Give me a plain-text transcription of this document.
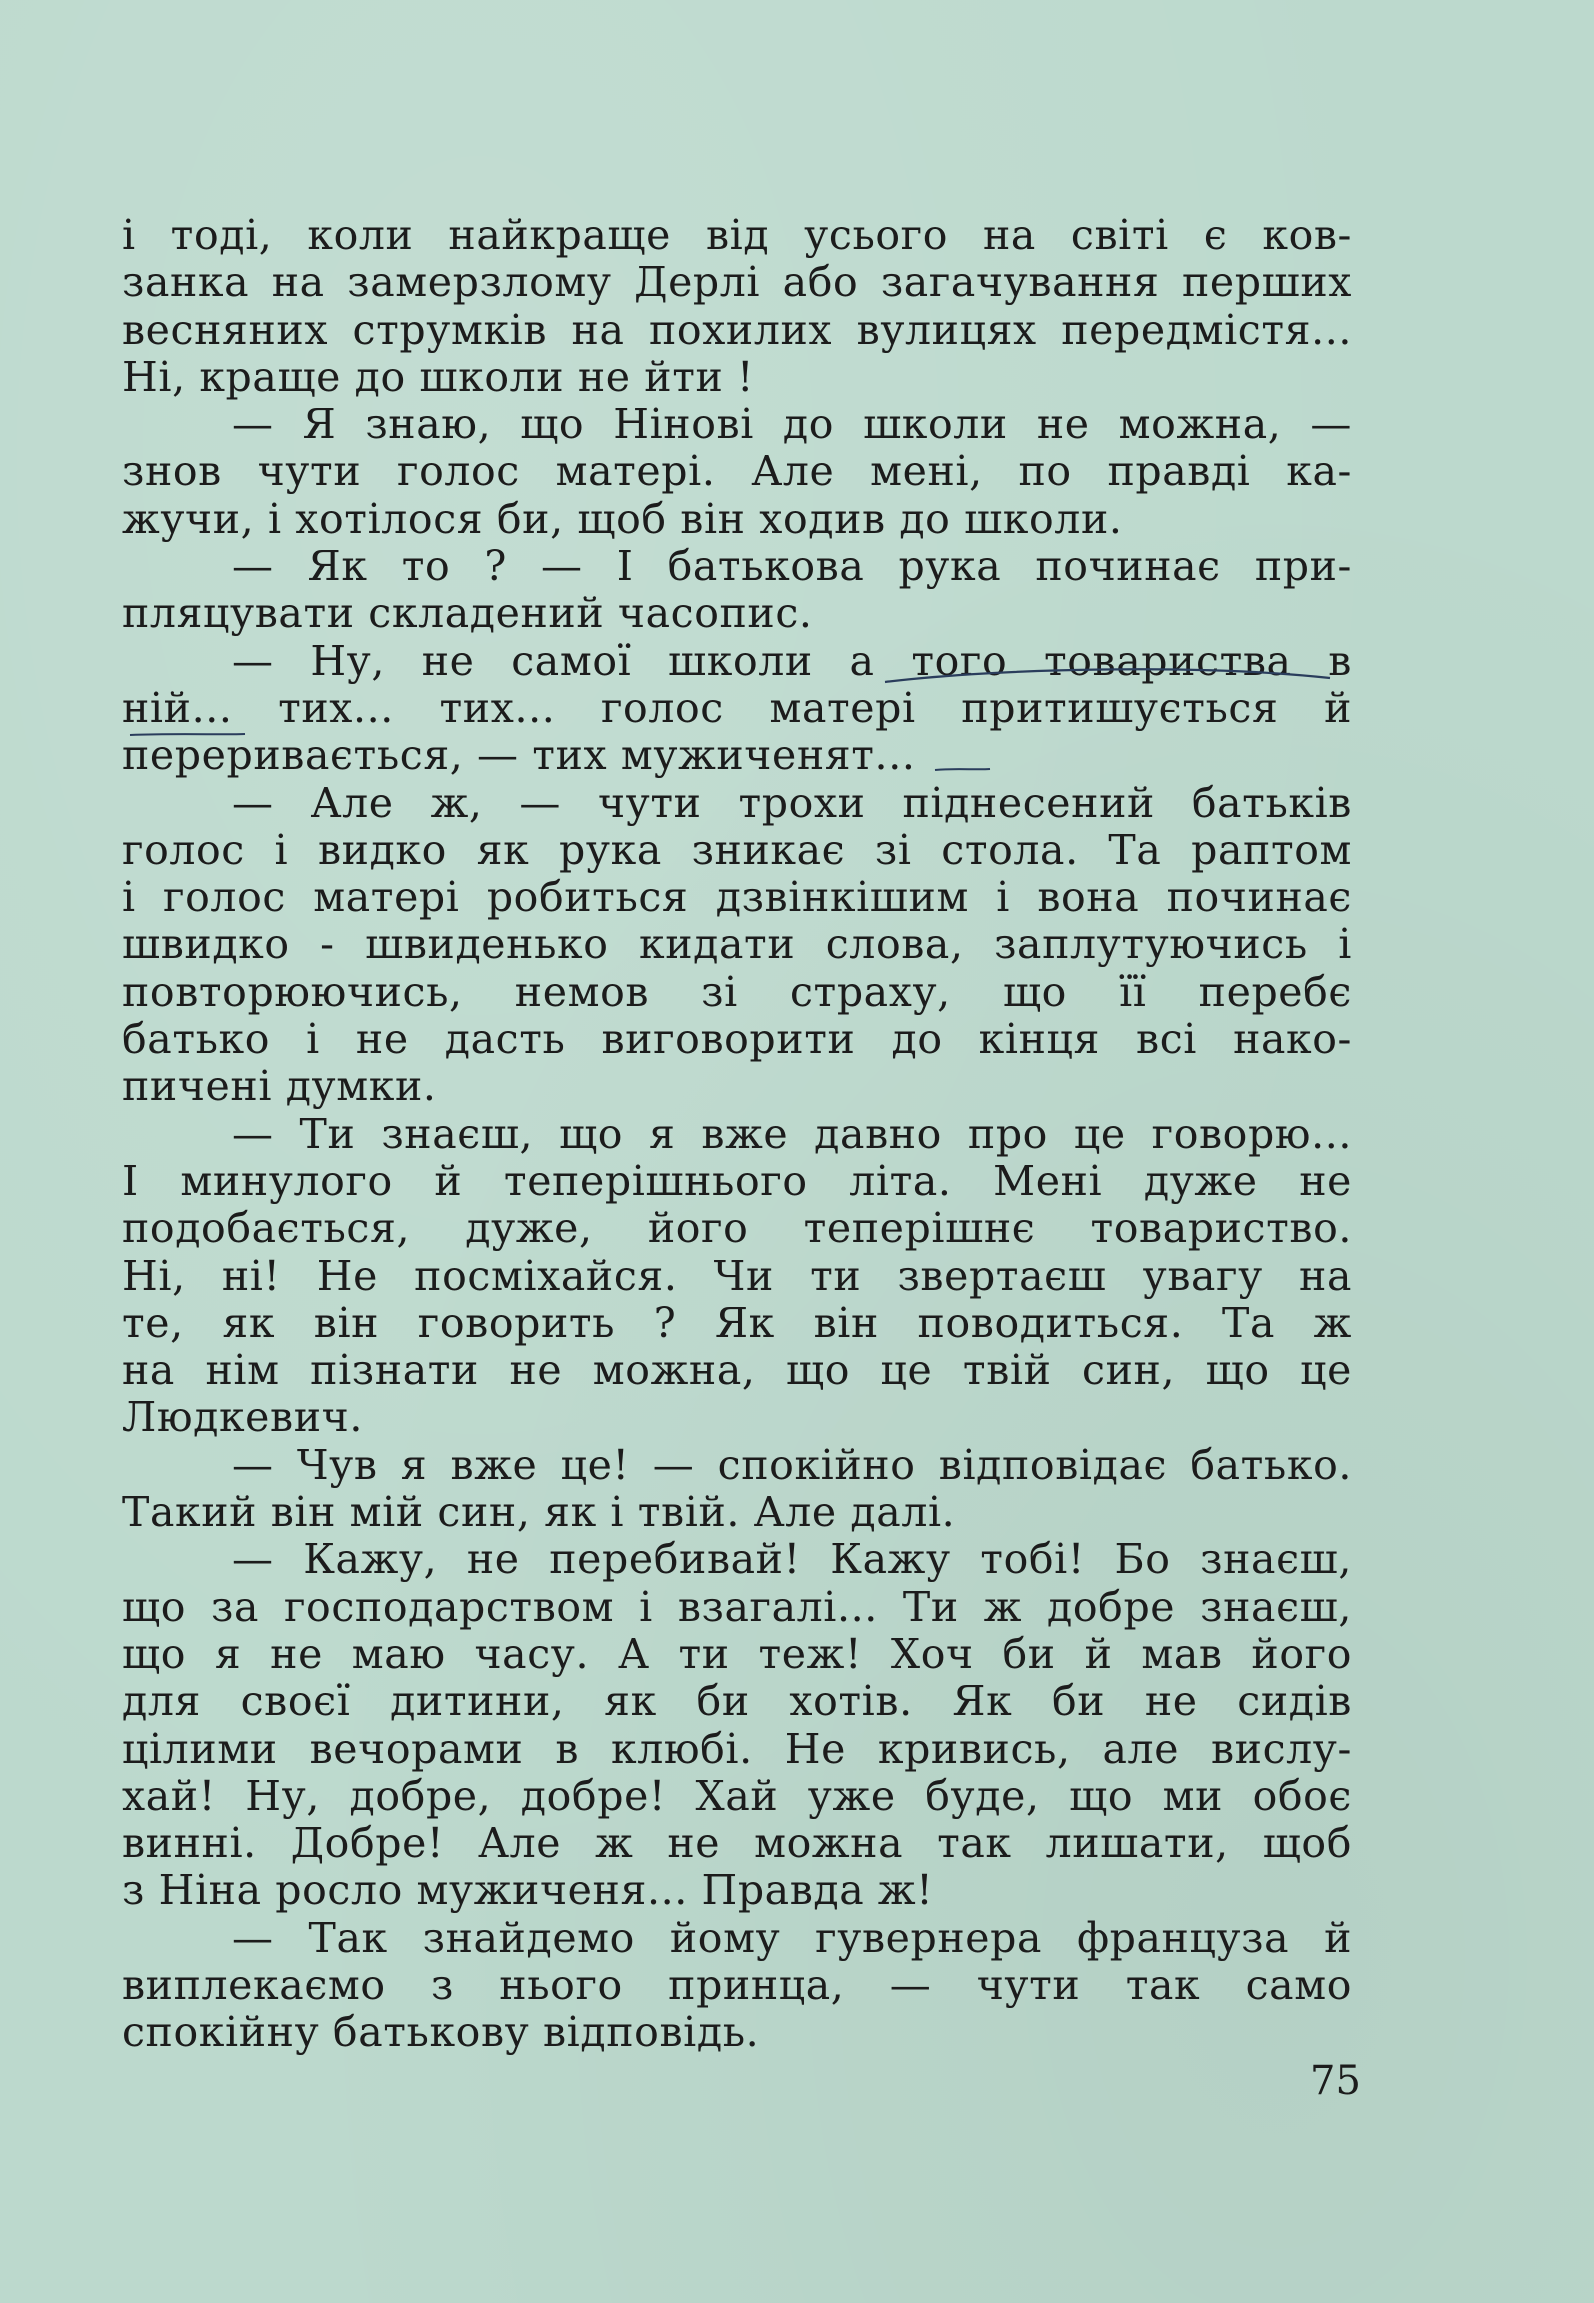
і тоді, коли найкраще від усього на світі є ков-
занка на замерзлому Дерлі або загачування перших
весняних струмків на похилих вулицях передмістя...
Ні, краще до школи не йти !
— Я знаю, що Нінові до школи не можна, —
знов чути голос матері. Але мені, по правді ка-
жучи, і хотілося би, щоб він ходив до школи.
— Як то ? — І батькова рука починає при-
пляцувати складений часопис.
— Ну, не самої школи а того товариства в
ній... тих... тих... голос матері притишується й
переривається, — тих мужиченят...
— Але ж, — чути трохи піднесений батьків
голос і видко як рука зникає зі стола. Та раптом
і голос матері робиться дзвінкішим і вона починає
швидко - швиденько кидати слова, заплутуючись і
повторюючись, немов зі страху, що її перебє
батько і не дасть виговорити до кінця всі нако-
пичені думки.
— Ти знаєш, що я вже давно про це говорю...
І минулого й теперішнього літа. Мені дуже не
подобається, дуже, його теперішнє товариство.
Ні, ні! Не посміхайся. Чи ти звертаєш увагу на
те, як він говорить ? Як він поводиться. Та ж
на нім пізнати не можна, що це твій син, що це
Людкевич.
— Чув я вже це! — спокійно відповідає батько.
Такий він мій син, як і твій. Але далі.
— Кажу, не перебивай! Кажу тобі! Бо знаєш,
що за господарством і взагалі... Ти ж добре знаєш,
що я не маю часу. А ти теж! Хоч би й мав його
для своєї дитини, як би хотів. Як би не сидів
цілими вечорами в клюбі. Не кривись, але вислу-
хай! Ну, добре, добре! Хай уже буде, що ми обоє
винні. Добре! Але ж не можна так лишати, щоб
з Ніна росло мужиченя... Правда ж!
— Так знайдемо йому гувернера француза й
виплекаємо з нього принца, — чути так само
спокійну батькову відповідь.
75
